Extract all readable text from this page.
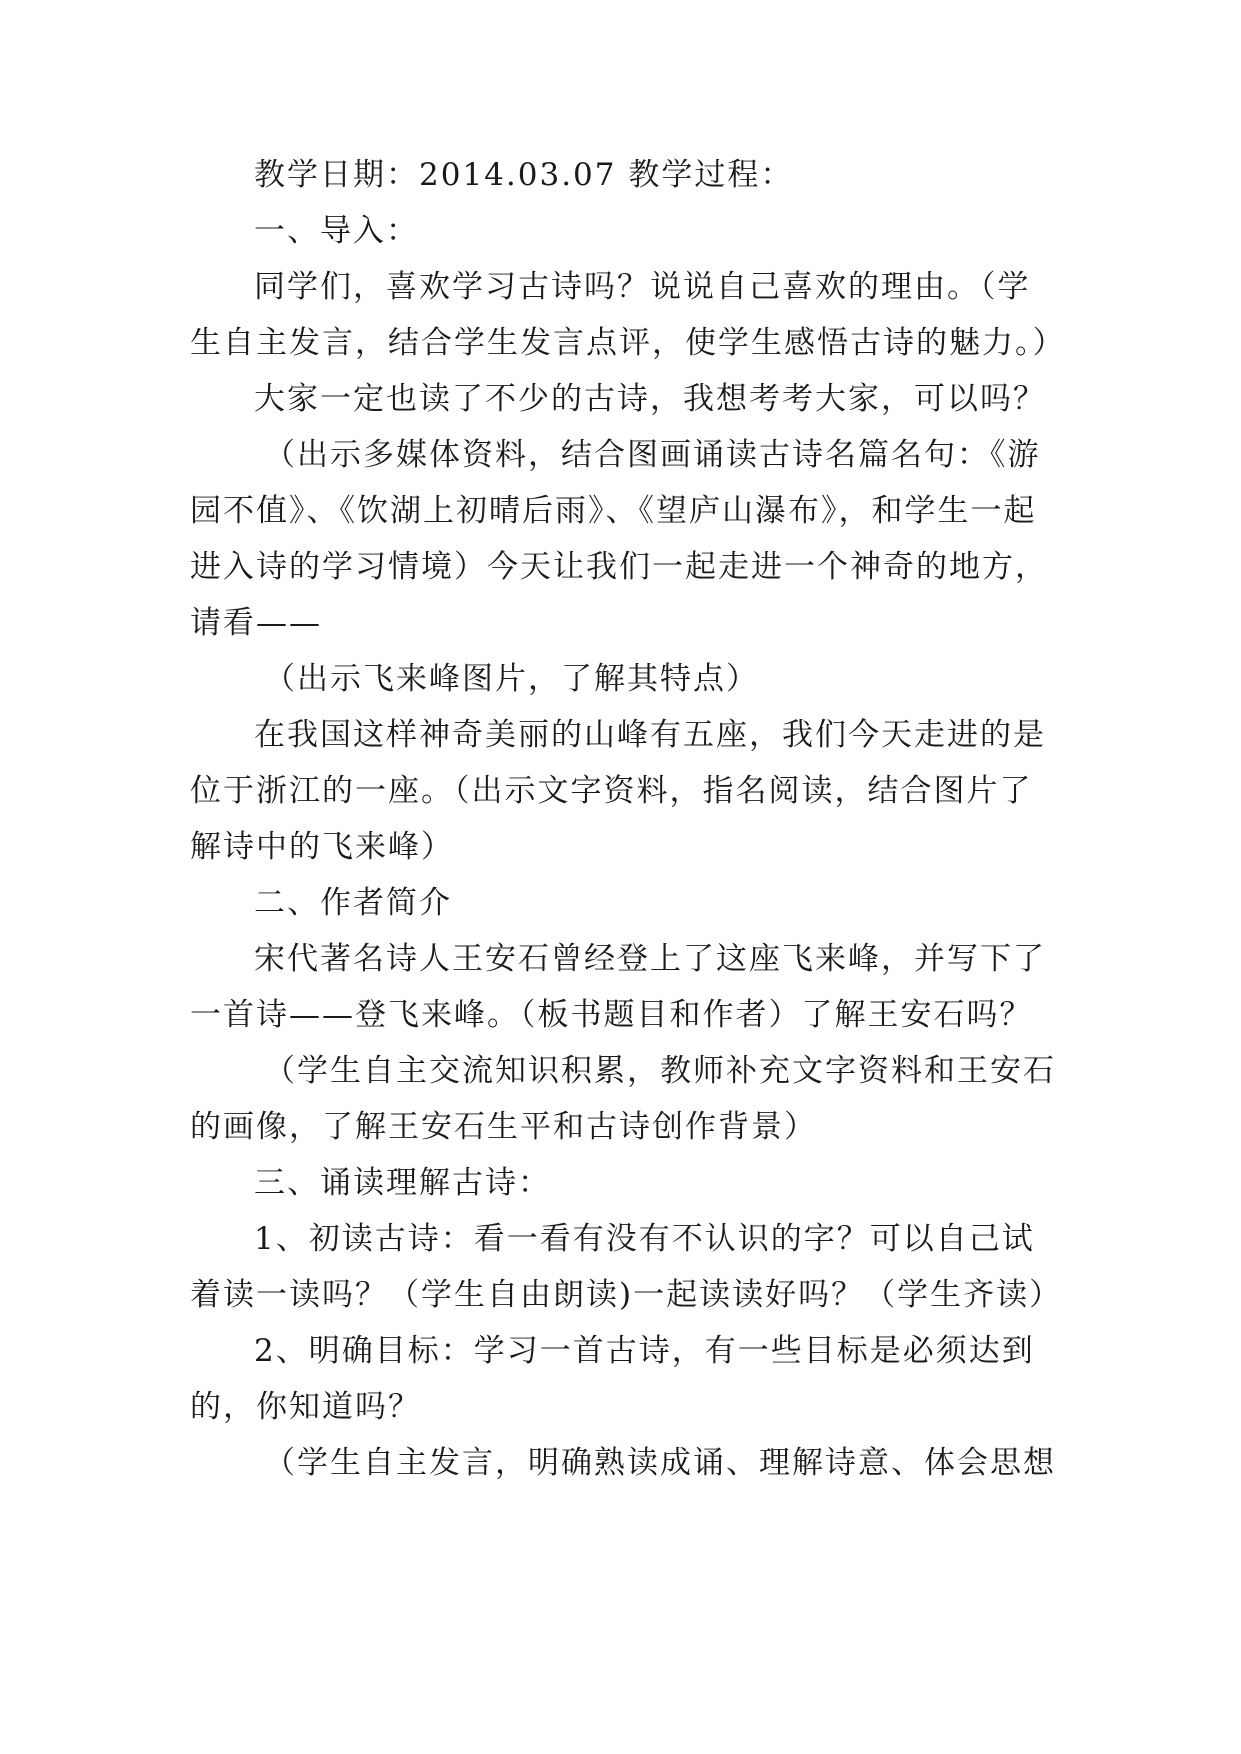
教学日期：2014.03.07 教学过程：
一、导入：
同学们，喜欢学习古诗吗？说说自己喜欢的理由。（学
生自主发言，结合学生发言点评，使学生感悟古诗的魅力。）
大家一定也读了不少的古诗，我想考考大家，可以吗？
（出示多媒体资料，结合图画诵读古诗名篇名句：《游
园不值》、《饮湖上初晴后雨》、《望庐山瀑布》，和学生一起
进入诗的学习情境）今天让我们一起走进一个神奇的地方，
请看——
（出示飞来峰图片，了解其特点）
在我国这样神奇美丽的山峰有五座，我们今天走进的是
位于浙江的一座。（出示文字资料，指名阅读，结合图片了
解诗中的飞来峰）
二、作者简介
宋代著名诗人王安石曾经登上了这座飞来峰，并写下了
一首诗——登飞来峰。（板书题目和作者）了解王安石吗？
（学生自主交流知识积累，教师补充文字资料和王安石
的画像，了解王安石生平和古诗创作背景）
三、诵读理解古诗：
1、初读古诗：看一看有没有不认识的字？可以自己试
着读一读吗？（学生自由朗读)一起读读好吗？（学生齐读）
2、明确目标：学习一首古诗，有一些目标是必须达到
的，你知道吗？
（学生自主发言，明确熟读成诵、理解诗意、体会思想
